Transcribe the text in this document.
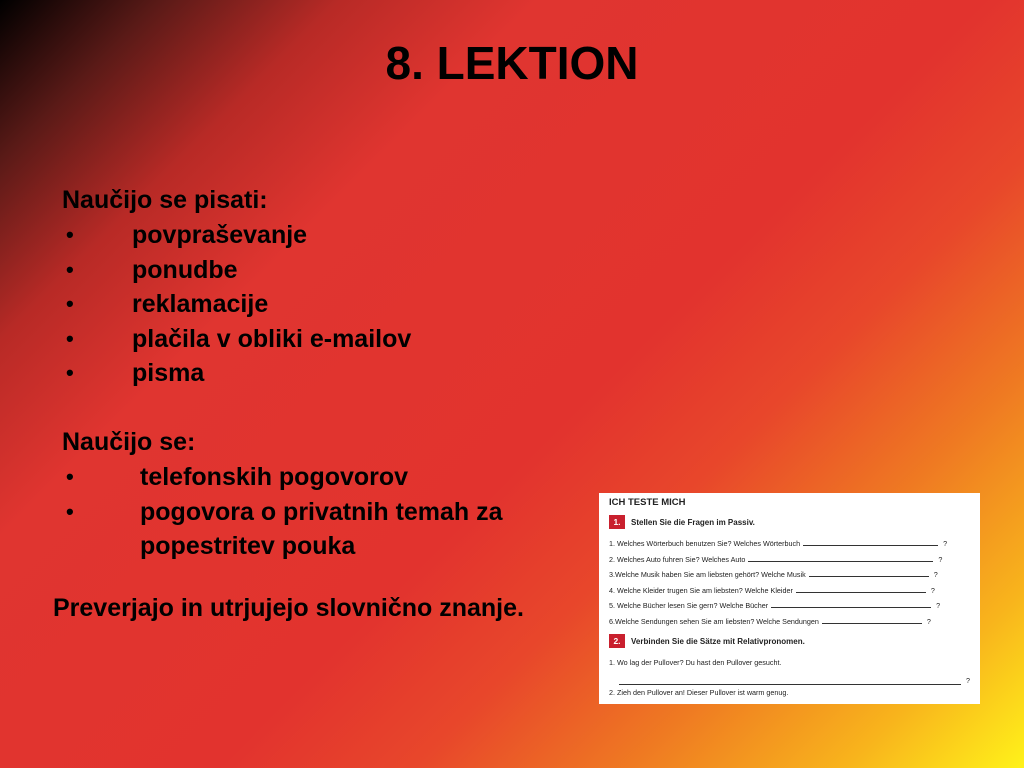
8. LEKTION
Naučijo se pisati:
•	povpraševanje
•	ponudbe
•	reklamacije
•	plačila v obliki e-mailov
•	pisma
Naučijo se:
•	telefonskih pogovorov
•	pogovora o privatnih temah za
popestritev pouka
Preverjajo in utrjujejo slovnično znanje.
ICH TESTE MICH
1.	Stellen Sie die Fragen im Passiv.
1. Welches Wörterbuch benutzen Sie? Welches Wörterbuch	?
2. Welches Auto fuhren Sie? Welches Auto	?
3.Welche Musik haben Sie am liebsten gehört? Welche Musik	?
4. Welche Kleider trugen Sie am liebsten? Welche Kleider	?
5. Welche Bücher lesen Sie gern? Welche Bücher	?
6.Welche Sendungen sehen Sie am liebsten? Welche Sendungen	?
2.	Verbinden Sie die Sätze mit Relativpronomen.
1. Wo lag der Pullover? Du hast den Pullover gesucht.
?
2. Zieh den Pullover an! Dieser Pullover ist warm genug.
